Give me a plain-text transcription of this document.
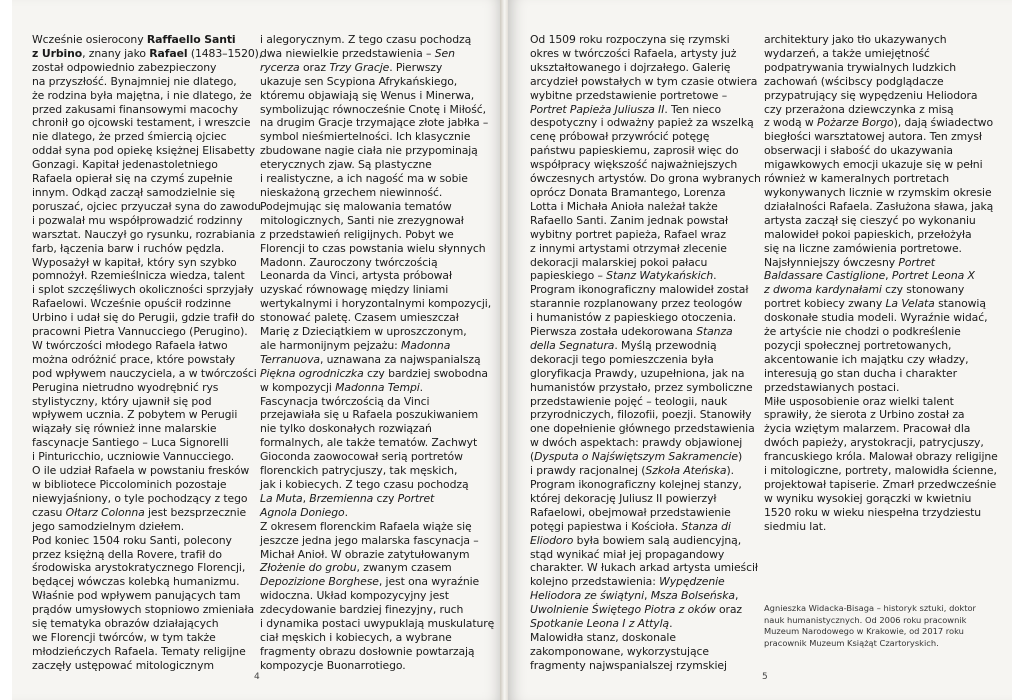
Wcześnie osierocony Raffaello Santi
z Urbino, znany jako Rafael (1483–1520),
został odpowiednio zabezpieczony
na przyszłość. Bynajmniej nie dlatego,
że rodzina była majętna, i nie dlatego, że
przed zakusami finansowymi macochy
chronił go ojcowski testament, i wreszcie
nie dlatego, że przed śmiercią ojciec
oddał syna pod opiekę księżnej Elisabetty
Gonzagi. Kapitał jedenastoletniego
Rafaela opierał się na czymś zupełnie
innym. Odkąd zaczął samodzielnie się
poruszać, ojciec przyuczał syna do zawodu
i pozwalał mu współprowadzić rodzinny
warsztat. Nauczył go rysunku, rozrabiania
farb, łączenia barw i ruchów pędzla.
Wyposażył w kapitał, który syn szybko
pomnożył. Rzemieślnicza wiedza, talent
i splot szczęśliwych okoliczności sprzyjały
Rafaelowi. Wcześnie opuścił rodzinne
Urbino i udał się do Perugii, gdzie trafił do
pracowni Pietra Vannucciego (Perugino).
W twórczości młodego Rafaela łatwo
można odróżnić prace, które powstały
pod wpływem nauczyciela, a w twórczości
Perugina nietrudno wyodrębnić rys
stylistyczny, który ujawnił się pod
wpływem ucznia. Z pobytem w Perugii
wiązały się również inne malarskie
fascynacje Santiego – Luca Signorelli
i Pinturicchio, uczniowie Vannucciego.
O ile udział Rafaela w powstaniu fresków
w bibliotece Piccolominich pozostaje
niewyjaśniony, o tyle pochodzący z tego
czasu Ołtarz Colonna jest bezsprzecznie
jego samodzielnym dziełem.
Pod koniec 1504 roku Santi, polecony
przez księżną della Rovere, trafił do
środowiska arystokratycznego Florencji,
będącej wówczas kolebką humanizmu.
Właśnie pod wpływem panujących tam
prądów umysłowych stopniowo zmieniała
się tematyka obrazów działających
we Florencji twórców, w tym także
młodzieńczych Rafaela. Tematy religijne
zaczęły ustępować mitologicznym
i alegorycznym. Z tego czasu pochodzą
dwa niewielkie przedstawienia – Sen
rycerza oraz Trzy Gracje. Pierwszy
ukazuje sen Scypiona Afrykańskiego,
któremu objawiają się Wenus i Minerwa,
symbolizując równocześnie Cnotę i Miłość,
na drugim Gracje trzymające złote jabłka –
symbol nieśmiertelności. Ich klasycznie
zbudowane nagie ciała nie przypominają
eterycznych zjaw. Są plastyczne
i realistyczne, a ich nagość ma w sobie
nieskażoną grzechem niewinność.
Podejmując się malowania tematów
mitologicznych, Santi nie zrezygnował
z przedstawień religijnych. Pobyt we
Florencji to czas powstania wielu słynnych
Madonn. Zauroczony twórczością
Leonarda da Vinci, artysta próbował
uzyskać równowagę między liniami
wertykalnymi i horyzontalnymi kompozycji,
stonować paletę. Czasem umieszczał
Marię z Dzieciątkiem w uproszczonym,
ale harmonijnym pejzażu: Madonna
Terranuova, uznawana za najwspanialszą
Piękna ogrodniczka czy bardziej swobodna
w kompozycji Madonna Tempi.
Fascynacja twórczością da Vinci
przejawiała się u Rafaela poszukiwaniem
nie tylko doskonałych rozwiązań
formalnych, ale także tematów. Zachwyt
Gioconda zaowocował serią portretów
florenckich patrycjuszy, tak męskich,
jak i kobiecych. Z tego czasu pochodzą
La Muta, Brzemienna czy Portret
Agnola Doniego.
Z okresem florenckim Rafaela wiąże się
jeszcze jedna jego malarska fascynacja –
Michał Anioł. W obrazie zatytułowanym
Złożenie do grobu, zwanym czasem
Depozizione Borghese, jest ona wyraźnie
widoczna. Układ kompozycyjny jest
zdecydowanie bardziej finezyjny, ruch
i dynamika postaci uwypuklają muskulaturę
ciał męskich i kobiecych, a wybrane
fragmenty obrazu dosłownie powtarzają
kompozycje Buonarrotiego.
4
Od 1509 roku rozpoczyna się rzymski
okres w twórczości Rafaela, artysty już
ukształtowanego i dojrzałego. Galerię
arcydzieł powstałych w tym czasie otwiera
wybitne przedstawienie portretowe –
Portret Papieża Juliusza II. Ten nieco
despotyczny i odważny papież za wszelką
cenę próbował przywrócić potęgę
państwu papieskiemu, zaprosił więc do
współpracy większość najważniejszych
ówczesnych artystów. Do grona wybranych
oprócz Donata Bramantego, Lorenza
Lotta i Michała Anioła należał także
Rafaello Santi. Zanim jednak powstał
wybitny portret papieża, Rafael wraz
z innymi artystami otrzymał zlecenie
dekoracji malarskiej pokoi pałacu
papieskiego – Stanz Watykańskich.
Program ikonograficzny malowideł został
starannie rozplanowany przez teologów
i humanistów z papieskiego otoczenia.
Pierwsza została udekorowana Stanza
della Segnatura. Myślą przewodnią
dekoracji tego pomieszczenia była
gloryfikacja Prawdy, uzupełniona, jak na
humanistów przystało, przez symboliczne
przedstawienie pojęć – teologii, nauk
przyrodniczych, filozofii, poezji. Stanowiły
one dopełnienie głównego przedstawienia
w dwóch aspektach: prawdy objawionej
(Dysputa o Najświętszym Sakramencie)
i prawdy racjonalnej (Szkoła Ateńska).
Program ikonograficzny kolejnej stanzy,
której dekorację Juliusz II powierzył
Rafaelowi, obejmował przedstawienie
potęgi papiestwa i Kościoła. Stanza di
Eliodoro była bowiem salą audiencyjną,
stąd wynikać miał jej propagandowy
charakter. W łukach arkad artysta umieścił
kolejno przedstawienia: Wypędzenie
Heliodora ze świątyni, Msza Bolseńska,
Uwolnienie Świętego Piotra z oków oraz
Spotkanie Leona I z Attylą.
Malowidła stanz, doskonale
zakomponowane, wykorzystujące
fragmenty najwspanialszej rzymskiej
architektury jako tło ukazywanych
wydarzeń, a także umiejętność
podpatrywania trywialnych ludzkich
zachowań (wścibscy podglądacze
przypatrujący się wypędzeniu Heliodora
czy przerażona dziewczynka z misą
z wodą w Pożarze Borgo), dają świadectwo
biegłości warsztatowej autora. Ten zmysł
obserwacji i słabość do ukazywania
migawkowych emocji ukazuje się w pełni
również w kameralnych portretach
wykonywanych licznie w rzymskim okresie
działalności Rafaela. Zasłużona sława, jaką
artysta zaczął się cieszyć po wykonaniu
malowideł pokoi papieskich, przełożyła
się na liczne zamówienia portretowe.
Najsłynniejszy ówczesny Portret
Baldassare Castiglione, Portret Leona X
z dwoma kardynałami czy stonowany
portret kobiecy zwany La Velata stanowią
doskonałe studia modeli. Wyraźnie widać,
że artyście nie chodzi o podkreślenie
pozycji społecznej portretowanych,
akcentowanie ich majątku czy władzy,
interesują go stan ducha i charakter
przedstawianych postaci.
Miłe usposobienie oraz wielki talent
sprawiły, że sierota z Urbino został za
życia wziętym malarzem. Pracował dla
dwóch papieży, arystokracji, patrycjuszy,
francuskiego króla. Malował obrazy religijne
i mitologiczne, portrety, malowidła ścienne,
projektował tapiserie. Zmarł przedwcześnie
w wyniku wysokiej gorączki w kwietniu
1520 roku w wieku niespełna trzydziestu
siedmiu lat.
5
Agnieszka Widacka-Bisaga – historyk sztuki, doktor
nauk humanistycznych. Od 2006 roku pracownik
Muzeum Narodowego w Krakowie, od 2017 roku
pracownik Muzeum Książąt Czartoryskich.
